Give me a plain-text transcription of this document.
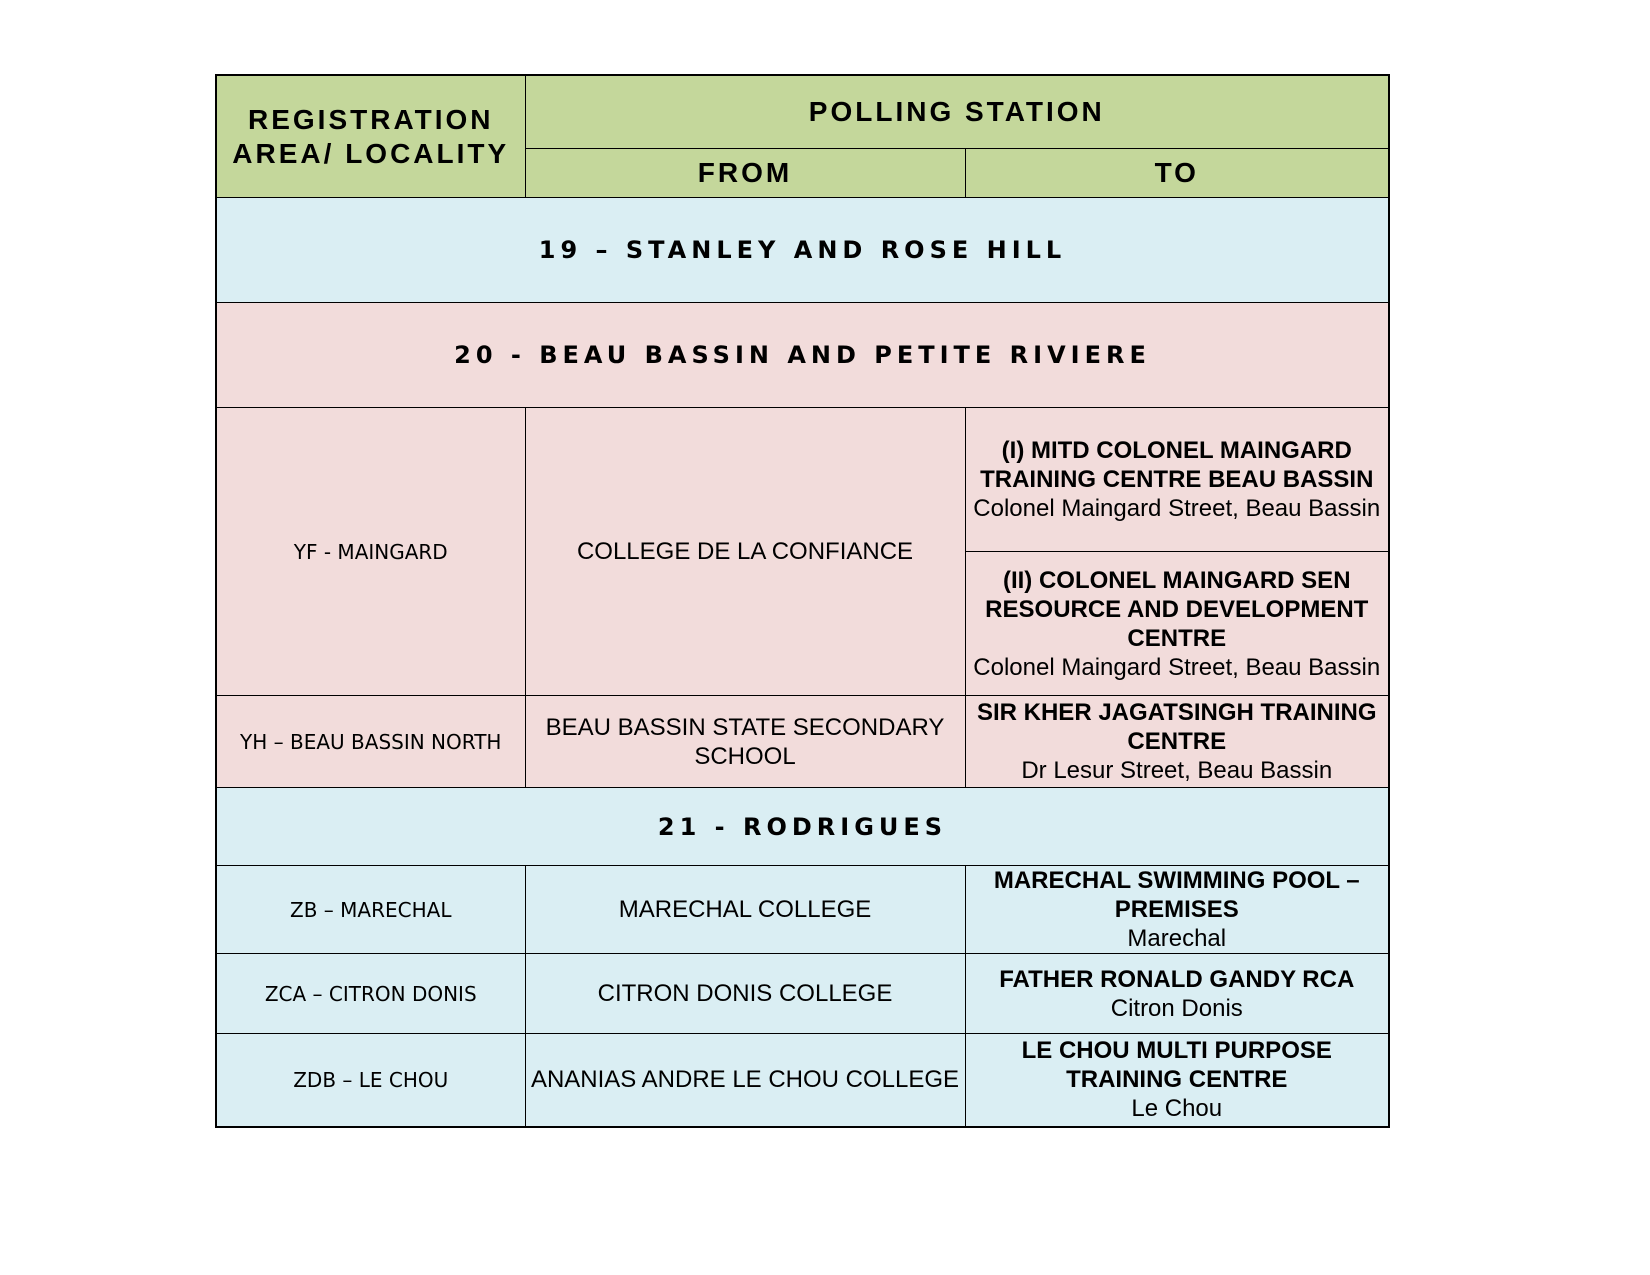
REGISTRATION AREA/ LOCALITY	POLLING STATION	
	FROM	TO
19 – STANLEY AND ROSE HILL		
20 - BEAU BASSIN AND PETITE RIVIERE		
YF - MAINGARD	COLLEGE DE LA CONFIANCE	(I) MITD COLONEL MAINGARD TRAINING CENTRE BEAU BASSIN
Colonel Maingard Street, Beau Bassin

		(II) COLONEL MAINGARD SEN RESOURCE AND DEVELOPMENT CENTRE
Colonel Maingard Street, Beau Bassin

YH – BEAU BASSIN NORTH	BEAU BASSIN STATE SECONDARY SCHOOL	SIR KHER JAGATSINGH TRAINING CENTRE
Dr Lesur Street, Beau Bassin

21 - RODRIGUES		
ZB – MARECHAL	MARECHAL COLLEGE	MARECHAL SWIMMING POOL – PREMISES
Marechal

ZCA – CITRON DONIS	CITRON DONIS COLLEGE	FATHER RONALD GANDY RCA
Citron Donis

ZDB – LE CHOU	ANANIAS ANDRE LE CHOU COLLEGE	LE CHOU MULTI PURPOSE TRAINING CENTRE
Le Chou
